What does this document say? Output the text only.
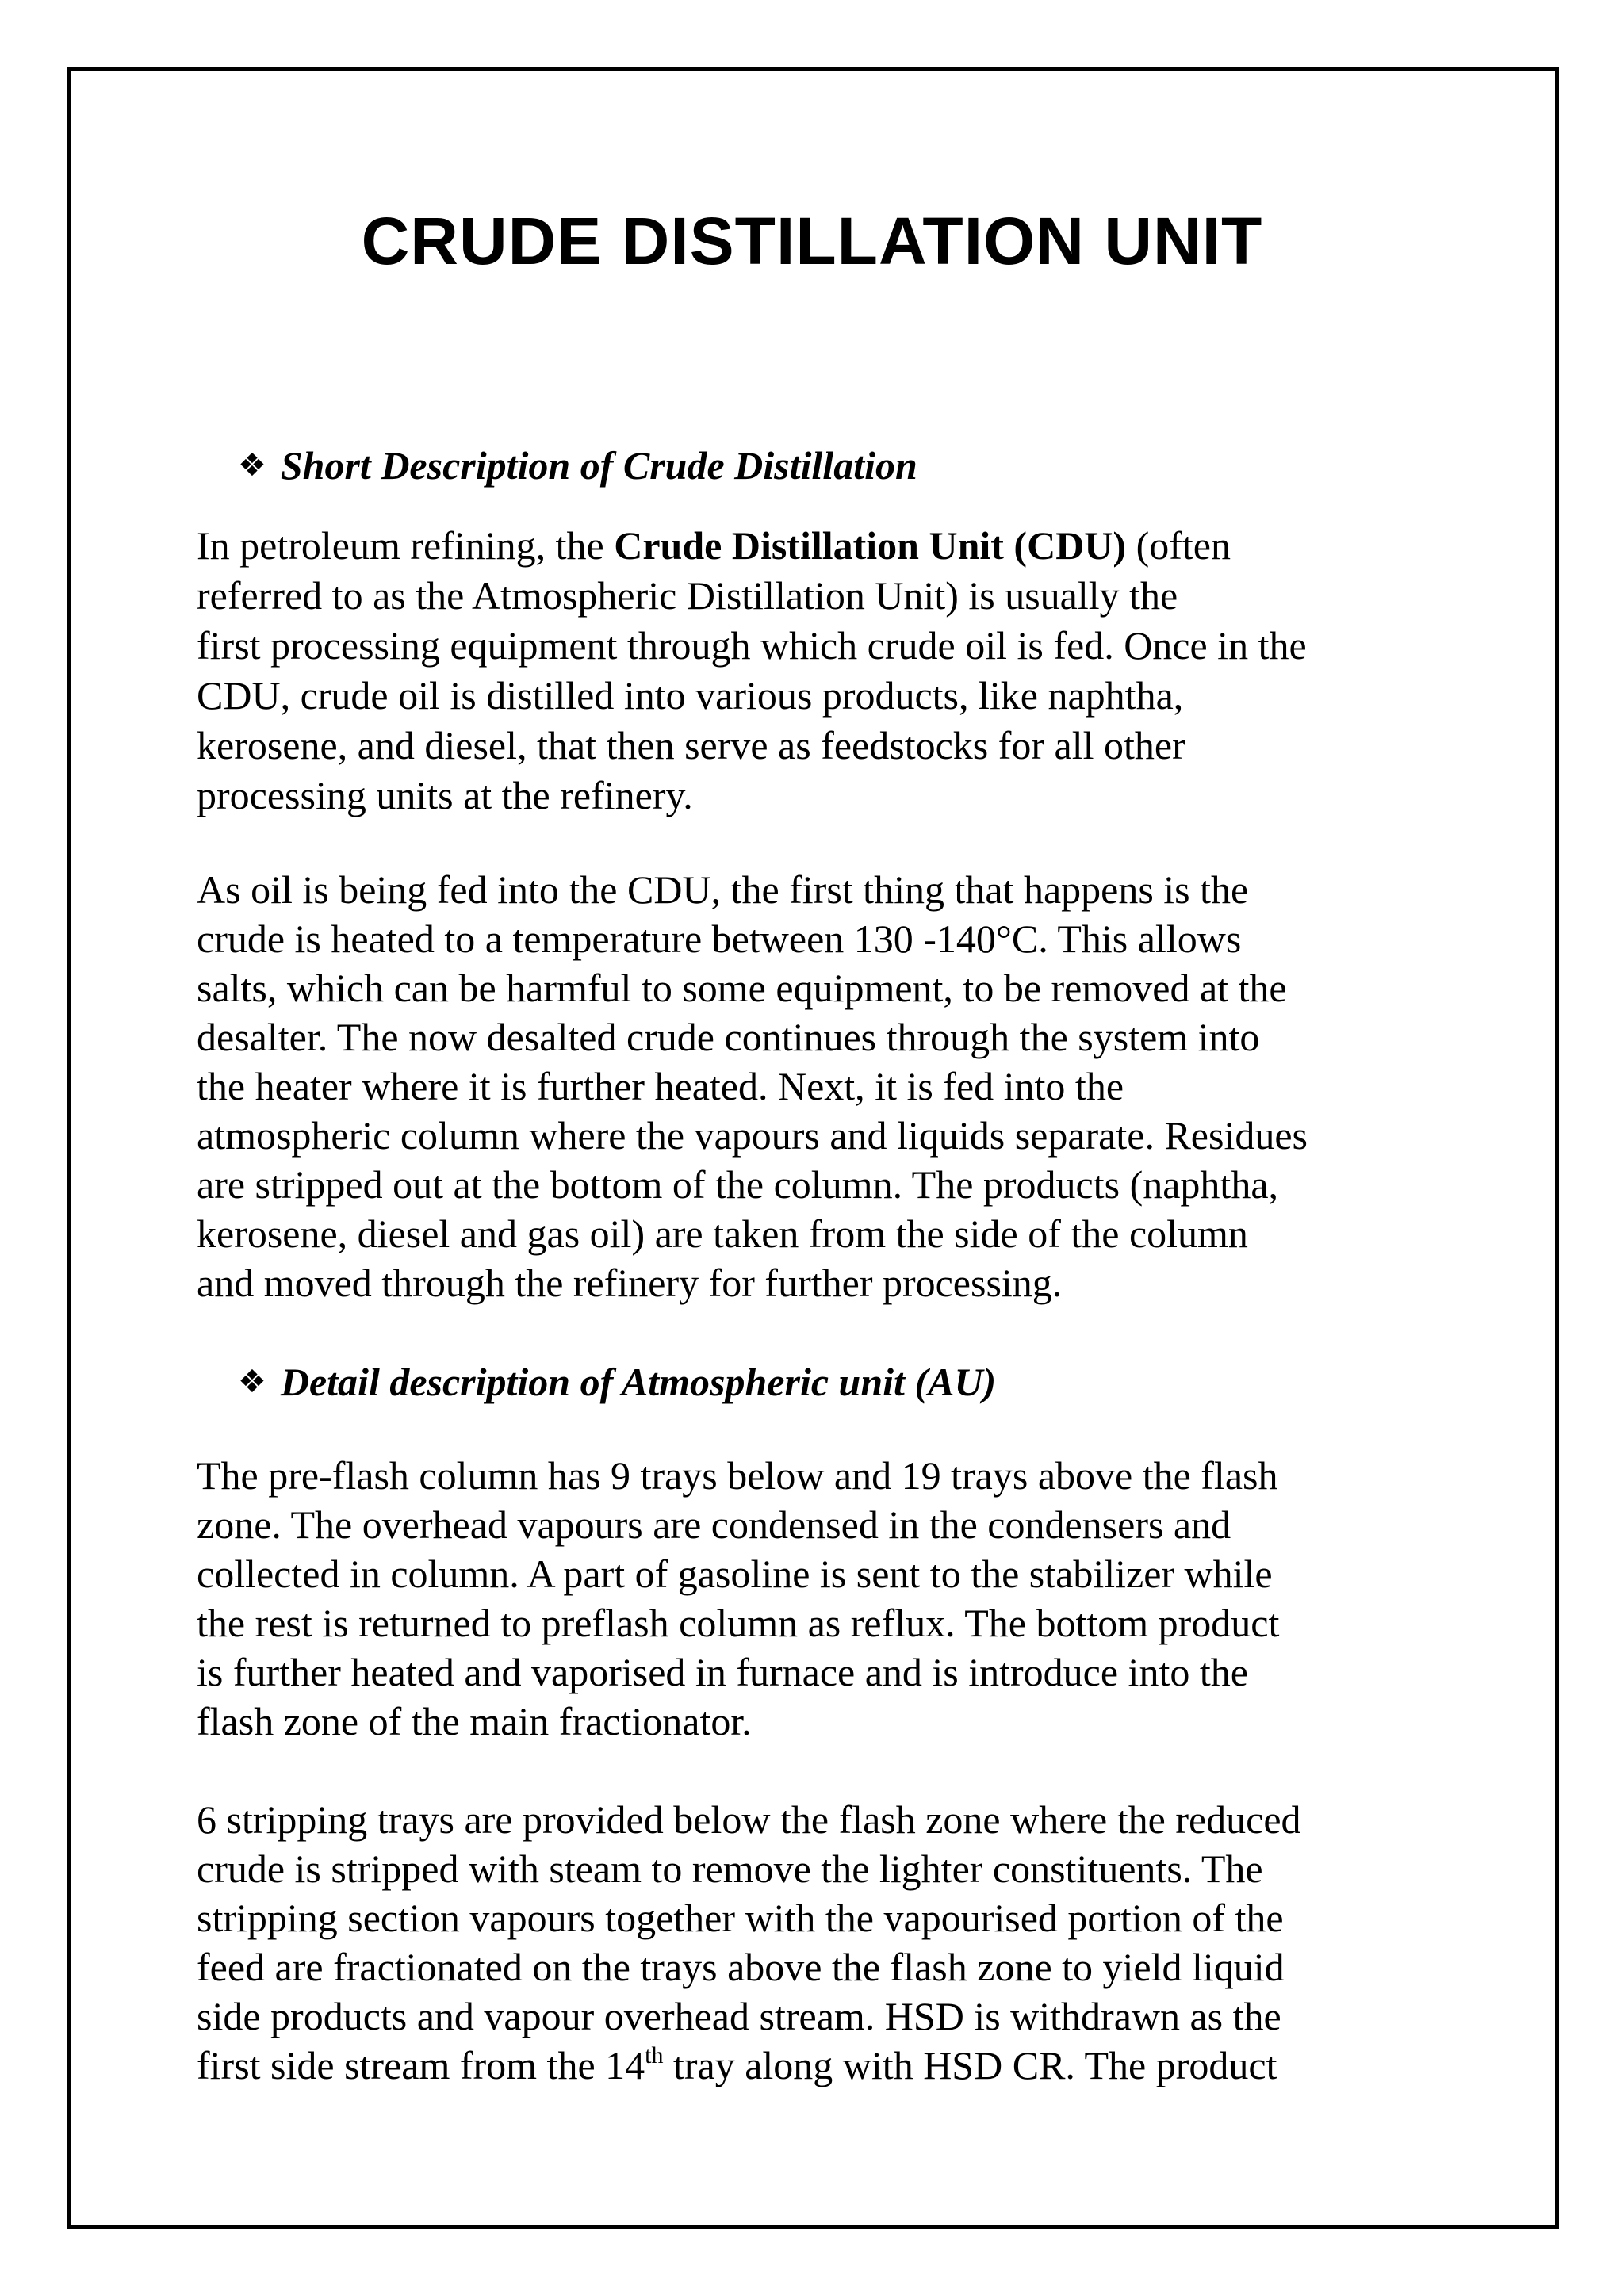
CRUDE DISTILLATION UNIT
❖ Short Description of Crude Distillation
In petroleum refining, the Crude Distillation Unit (CDU) (often
referred to as the Atmospheric Distillation Unit) is usually the
first processing equipment through which crude oil is fed. Once in the
CDU, crude oil is distilled into various products, like naphtha,
kerosene, and diesel, that then serve as feedstocks for all other
processing units at the refinery.
As oil is being fed into the CDU, the first thing that happens is the
crude is heated to a temperature between 130 -140°C. This allows
salts, which can be harmful to some equipment, to be removed at the
desalter. The now desalted crude continues through the system into
the heater where it is further heated. Next, it is fed into the
atmospheric column where the vapours and liquids separate. Residues
are stripped out at the bottom of the column. The products (naphtha,
kerosene, diesel and gas oil) are taken from the side of the column
and moved through the refinery for further processing.
❖ Detail description of Atmospheric unit (AU)
The pre-flash column has 9 trays below and 19 trays above the flash
zone. The overhead vapours are condensed in the condensers and
collected in column. A part of gasoline is sent to the stabilizer while
the rest is returned to preflash column as reflux. The bottom product
is further heated and vaporised in furnace and is introduce into the
flash zone of the main fractionator.
6 stripping trays are provided below the flash zone where the reduced
crude is stripped with steam to remove the lighter constituents. The
stripping section vapours together with the vapourised portion of the
feed are fractionated on the trays above the flash zone to yield liquid
side products and vapour overhead stream. HSD is withdrawn as the
first side stream from the 14th tray along with HSD CR. The product
